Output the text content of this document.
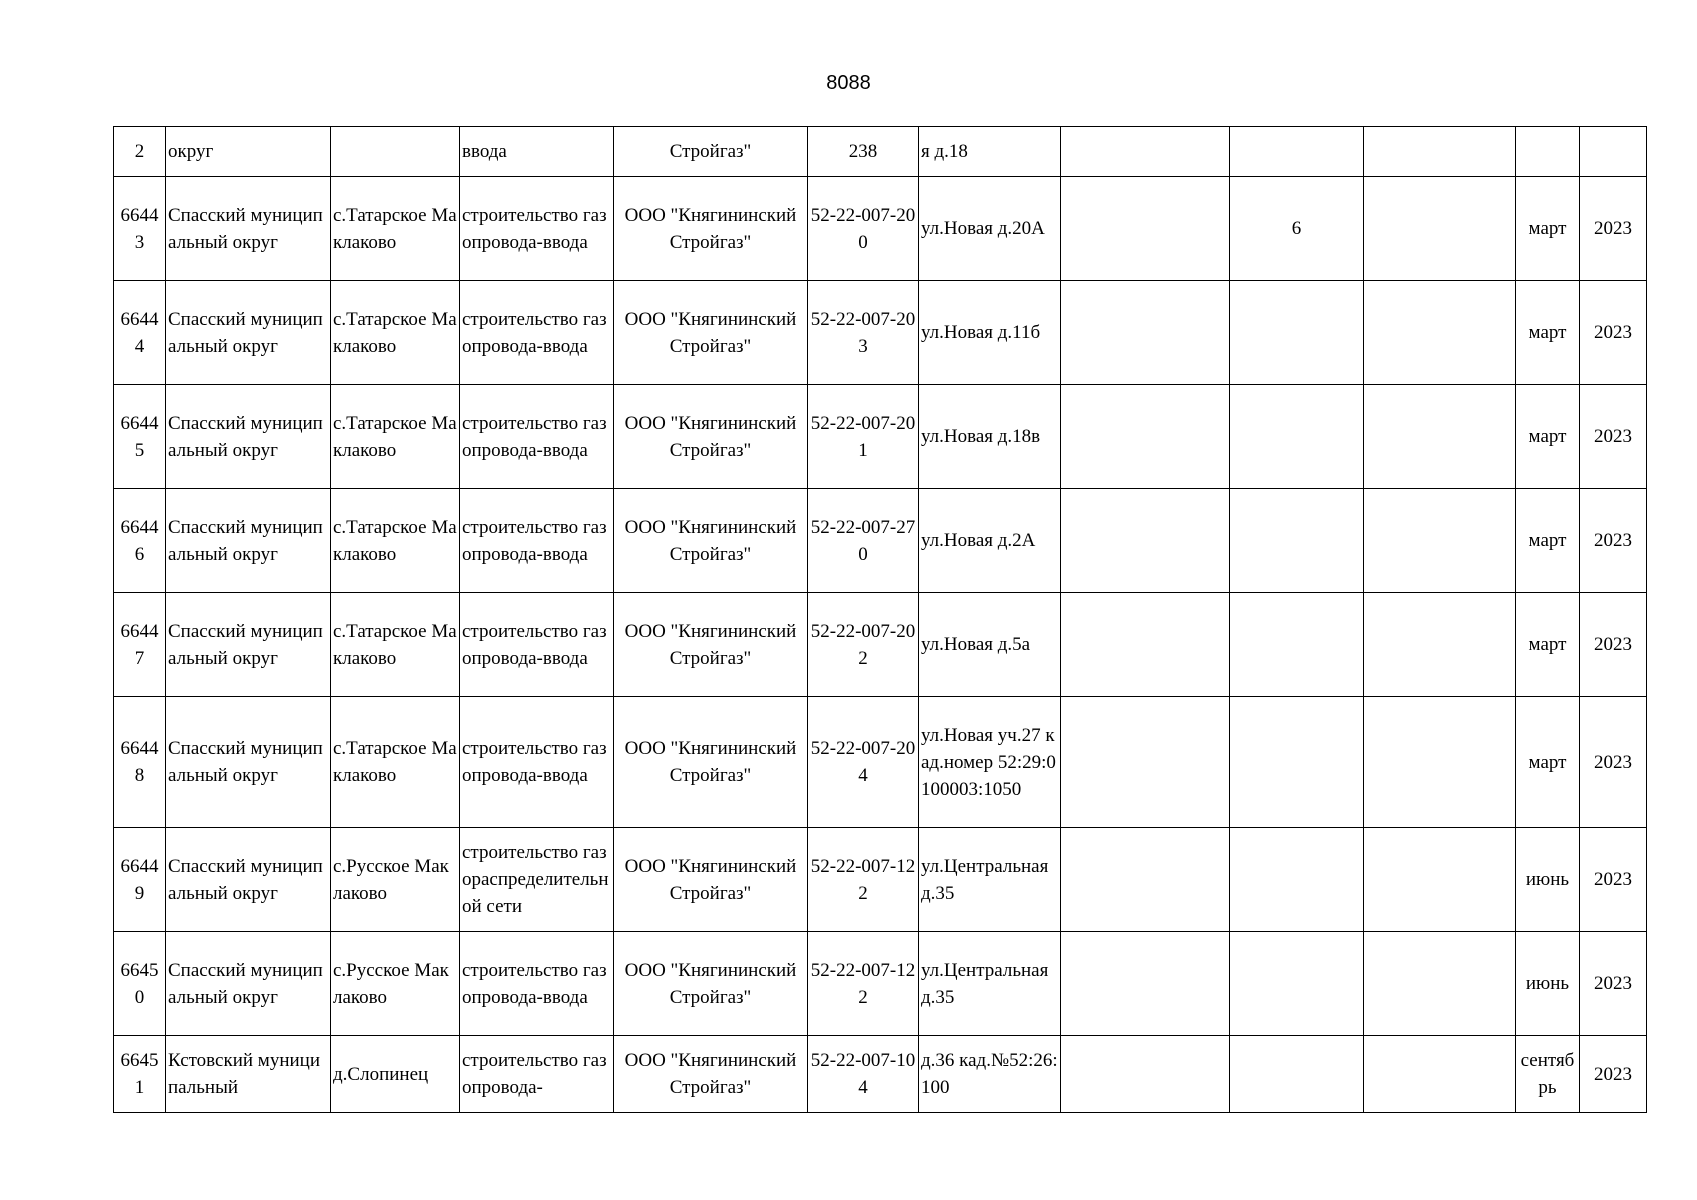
8088
2	округ		ввода	Стройгаз"	238	я д.18					
66443	Спасский муниципальный округ	с.Татарское Маклаково	строительство газопровода-ввода	ООО "Княгининский Стройгаз"	52-22-007-200	ул.Новая д.20А		6		март	2023
66444	Спасский муниципальный округ	с.Татарское Маклаково	строительство газопровода-ввода	ООО "Княгининский Стройгаз"	52-22-007-203	ул.Новая д.11б				март	2023
66445	Спасский муниципальный округ	с.Татарское Маклаково	строительство газопровода-ввода	ООО "Княгининский Стройгаз"	52-22-007-201	ул.Новая д.18в				март	2023
66446	Спасский муниципальный округ	с.Татарское Маклаково	строительство газопровода-ввода	ООО "Княгининский Стройгаз"	52-22-007-270	ул.Новая д.2А				март	2023
66447	Спасский муниципальный округ	с.Татарское Маклаково	строительство газопровода-ввода	ООО "Княгининский Стройгаз"	52-22-007-202	ул.Новая д.5а				март	2023
66448	Спасский муниципальный округ	с.Татарское Маклаково	строительство газопровода-ввода	ООО "Княгининский Стройгаз"	52-22-007-204	ул.Новая уч.27 кад.номер 52:29:0100003:1050				март	2023
66449	Спасский муниципальный округ	с.Русское Маклаково	строительство газораспределительной сети	ООО "Княгининский Стройгаз"	52-22-007-122	ул.Центральная д.35				июнь	2023
66450	Спасский муниципальный округ	с.Русское Маклаково	строительство газопровода-ввода	ООО "Княгининский Стройгаз"	52-22-007-122	ул.Центральная д.35				июнь	2023
66451	Кстовский муниципальный	д.Слопинец	строительство газопровода-	ООО "Княгининский Стройгаз"	52-22-007-104	д.36 кад.№52:26:100				сентябрь	2023
